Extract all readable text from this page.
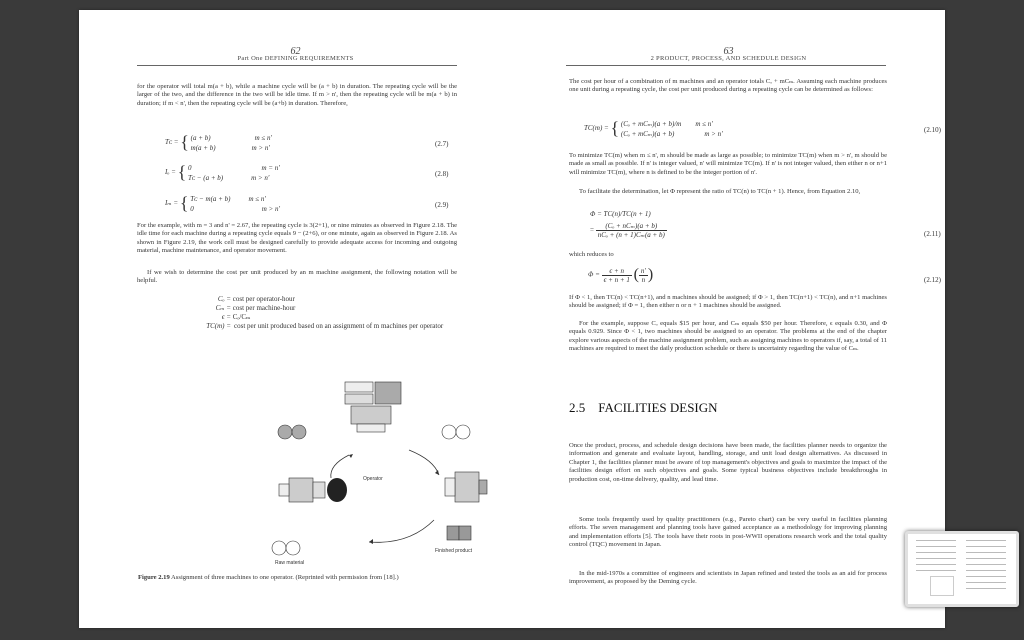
62
Part One DEFINING REQUIREMENTS
for the operator will total m(a + b), while a machine cycle will be (a + b) in duration. The repeating cycle will be the larger of the two, and the difference in the two will be idle time. If m > n', then the repeating cycle will be m(a + b) in duration; if m < n', then the repeating cycle will be (a+b) in duration. Therefore,
Tᴄ = { (a + b)	m ≤ n'
m(a + b)	m > n'	(2.7)
Iₒ = { 0	m = n'
Tᴄ − (a + b)	m > n'	(2.8)
Iₘ = { Tᴄ − m(a + b)	m ≤ n'
0	m > n'	(2.9)
For the example, with m = 3 and n' = 2.67, the repeating cycle is 3(2+1), or nine minutes as observed in Figure 2.18. The idle time for each machine during a repeating cycle equals 9 − (2+6), or one minute, again as observed in Figure 2.18. As shown in Figure 2.19, the work cell must be designed carefully to provide adequate access for incoming and outgoing material, machine maintenance, and operator movement.
If we wish to determine the cost per unit produced by an m machine assignment, the following notation will be helpful.
Cₒ = cost per operator-hour
Cₘ = cost per machine-hour
ϵ = Cₒ/Cₘ
TC(m) = cost per unit produced based on an assignment of m machines per operator
Operator
Raw material
Finished product
Figure 2.19 Assignment of three machines to one operator. (Reprinted with permission from [18].)
63
2 PRODUCT, PROCESS, AND SCHEDULE DESIGN
The cost per hour of a combination of m machines and an operator totals Cₒ + mCₘ. Assuming each machine produces one unit during a repeating cycle, the cost per unit produced during a repeating cycle can be determined as follows:
TC(m) = { (Cₒ + mCₘ)(a + b)/m m ≤ n'
(Cₒ + mCₘ)(a + b)	m > n'	(2.10)
To minimize TC(m) when m ≤ n', m should be made as large as possible; to minimize TC(m) when m > n', m should be made as small as possible. If n' is integer valued, n' will minimize TC(m). If n' is not integer valued, then either n or n+1 will minimize TC(m), where n is defined to be the integer portion of n'.
To facilitate the determination, let Φ represent the ratio of TC(n) to TC(n + 1). Hence, from Equation 2.10,
Φ = TC(n)/TC(n + 1)
= $\frac{\text{(Cₒ + nCₘ)(a + b)}}{\text{nCₒ + (n + 1)Cₘ(a + b)}}$	(2.11)
which reduces to
$\Phi = \frac{\epsilon + n}{\epsilon + n + 1}$ ( $\frac{n'}{n}$ )	(2.12)
If Φ < 1, then TC(n) < TC(n+1), and n machines should be assigned; if Φ > 1, then TC(n+1) < TC(n), and n+1 machines should be assigned; if Φ = 1, then either n or n + 1 machines should be assigned.
For the example, suppose Cₒ equals $15 per hour, and Cₘ equals $50 per hour. Therefore, ϵ equals 0.30, and Φ equals 0.929. Since Φ < 1, two machines should be assigned to an operator. The problems at the end of the chapter explore various aspects of the machine assignment problem, such as assigning machines to operators if, say, a total of 11 machines are required to meet the daily production schedule or there is uncertainty regarding the value of Cₘ.
2.5 FACILITIES DESIGN
Once the product, process, and schedule design decisions have been made, the facilities planner needs to organize the information and generate and evaluate layout, handling, storage, and unit load design alternatives. As discussed in Chapter 1, the facilities planner must be aware of top management's objectives and goals to maximize the impact of the facilities design effort on such objectives and goals. Some typical business objectives include breakthroughs in production cost, on-time delivery, quality, and lead time.
Some tools frequently used by quality practitioners (e.g., Pareto chart) can be very useful in facilities planning efforts. The seven management and planning tools have gained acceptance as a methodology for improving planning and implementation efforts [5]. The tools have their roots in post-WWII operations research work and the total quality control (TQC) movement in Japan.
In the mid-1970s a committee of engineers and scientists in Japan refined and tested the tools as an aid for process improvement, as proposed by the Deming cycle.
